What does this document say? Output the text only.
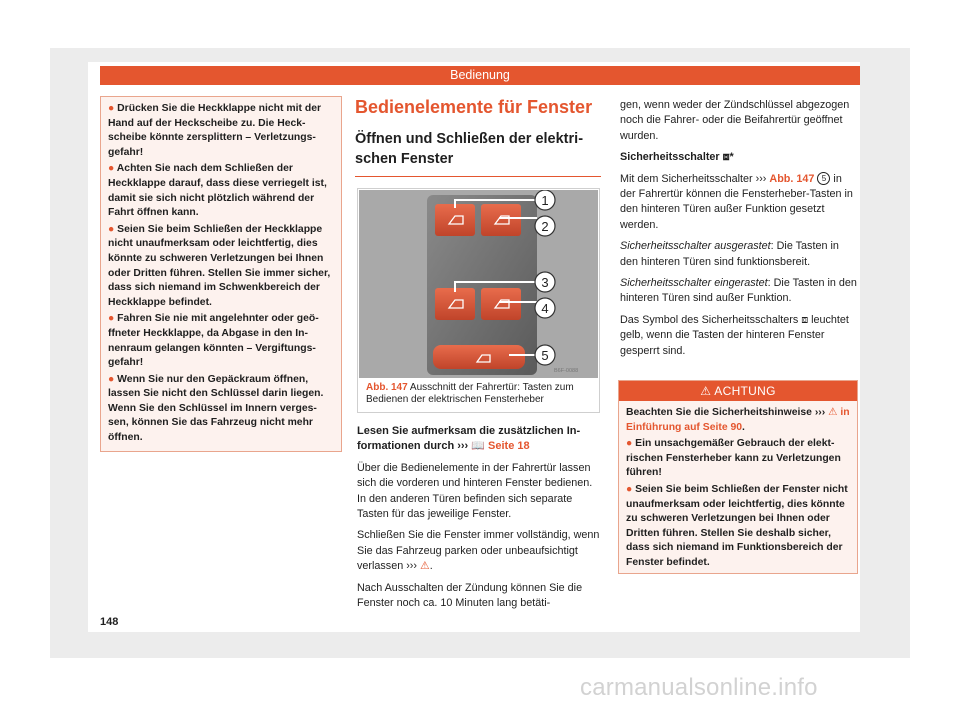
Bedienung

● Drücken Sie die Heckklappe nicht mit der Hand auf der Heckscheibe zu. Die Heckscheibe könnte zersplittern – Verletzungsgefahr!

● Achten Sie nach dem Schließen der Heckklappe darauf, dass diese verriegelt ist, damit sie sich nicht plötzlich während der Fahrt öffnen kann.

● Seien Sie beim Schließen der Heckklappe nicht unaufmerksam oder leichtfertig, dies könnte zu schweren Verletzungen bei Ihnen oder Dritten führen. Stellen Sie immer sicher, dass sich niemand im Schwenkbereich der Heckklappe befindet.

● Fahren Sie nie mit angelehnter oder geöffneter Heckklappe, da Abgase in den Innenraum gelangen könnten – Vergiftungsgefahr!

● Wenn Sie nur den Gepäckraum öffnen, lassen Sie nicht den Schlüssel darin liegen. Wenn Sie den Schlüssel im Innern vergessen, können Sie das Fahrzeug nicht mehr öffnen.

Bedienelemente für Fenster
Öffnen und Schließen der elektrischen Fenster
1
2
3
4
5
B6F-0088
Abb. 147 Ausschnitt der Fahrertür: Tasten zum Bedienen der elektrischen Fensterheber

Lesen Sie aufmerksam die zusätzlichen Informationen durch ››› 📖 Seite 18

Über die Bedienelemente in der Fahrertür lassen sich die vorderen und hinteren Fenster bedienen. In den anderen Türen befinden sich separate Tasten für das jeweilige Fenster.

Schließen Sie die Fenster immer vollständig, wenn Sie das Fahrzeug parken oder unbeaufsichtigt verlassen ››› ⚠.

Nach Ausschalten der Zündung können Sie die Fenster noch ca. 10 Minuten lang betäti-

gen, wenn weder der Zündschlüssel abgezogen noch die Fahrer- oder die Beifahrertür geöffnet wurden.

Sicherheitsschalter ⧈*

Mit dem Sicherheitsschalter ››› Abb. 147 5 in der Fahrertür können die Fensterheber-Tasten in den hinteren Türen außer Funktion gesetzt werden.

Sicherheitsschalter ausgerastet: Die Tasten in den hinteren Türen sind funktionsbereit.

Sicherheitsschalter eingerastet: Die Tasten in den hinteren Türen sind außer Funktion.

Das Symbol des Sicherheitsschalters ⧈ leuchtet gelb, wenn die Tasten der hinteren Fenster gesperrt sind.

⚠ ACHTUNG

Beachten Sie die Sicherheitshinweise ››› ⚠ in Einführung auf Seite 90.

● Ein unsachgemäßer Gebrauch der elektrischen Fensterheber kann zu Verletzungen führen!

● Seien Sie beim Schließen der Fenster nicht unaufmerksam oder leichtfertig, dies könnte zu schweren Verletzungen bei Ihnen oder Dritten führen. Stellen Sie deshalb sicher, dass sich niemand im Funktionsbereich der Fenster befindet.

148
carmanualsonline.info
